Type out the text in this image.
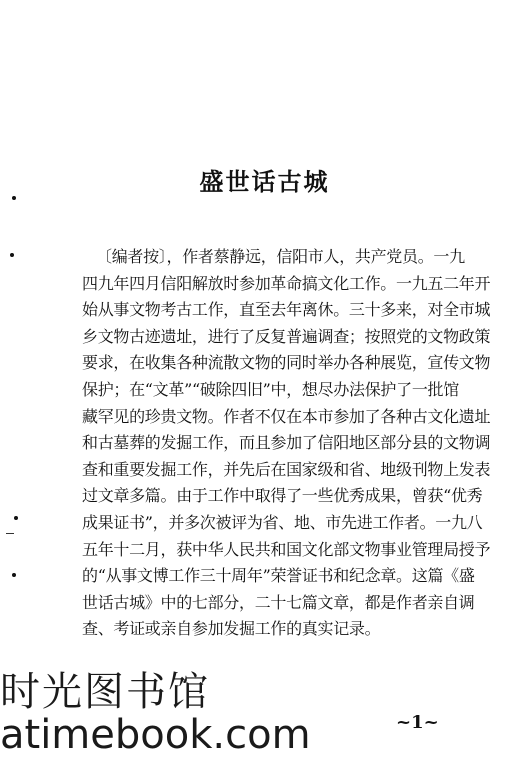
盛世话古城
〔编者按〕，作者蔡静远，信阳市人，共产党员。一九
四九年四月信阳解放时参加革命搞文化工作。一九五二年开
始从事文物考古工作，直至去年离休。三十多来，对全市城
乡文物古迹遗址，进行了反复普遍调查；按照党的文物政策
要求，在收集各种流散文物的同时举办各种展览，宣传文物
保护；在“文革”“破除四旧”中，想尽办法保护了一批馆
藏罕见的珍贵文物。作者不仅在本市参加了各种古文化遗址
和古墓葬的发掘工作，而且参加了信阳地区部分县的文物调
查和重要发掘工作，并先后在国家级和省、地级刊物上发表
过文章多篇。由于工作中取得了一些优秀成果，曾获“优秀
成果证书”，并多次被评为省、地、市先进工作者。一九八
五年十二月，获中华人民共和国文化部文物事业管理局授予
的“从事文博工作三十周年”荣誉证书和纪念章。这篇《盛
世话古城》中的七部分，二十七篇文章，都是作者亲自调
查、考证或亲自参加发掘工作的真实记录。
时光图书馆
atimebook.com	~1~
